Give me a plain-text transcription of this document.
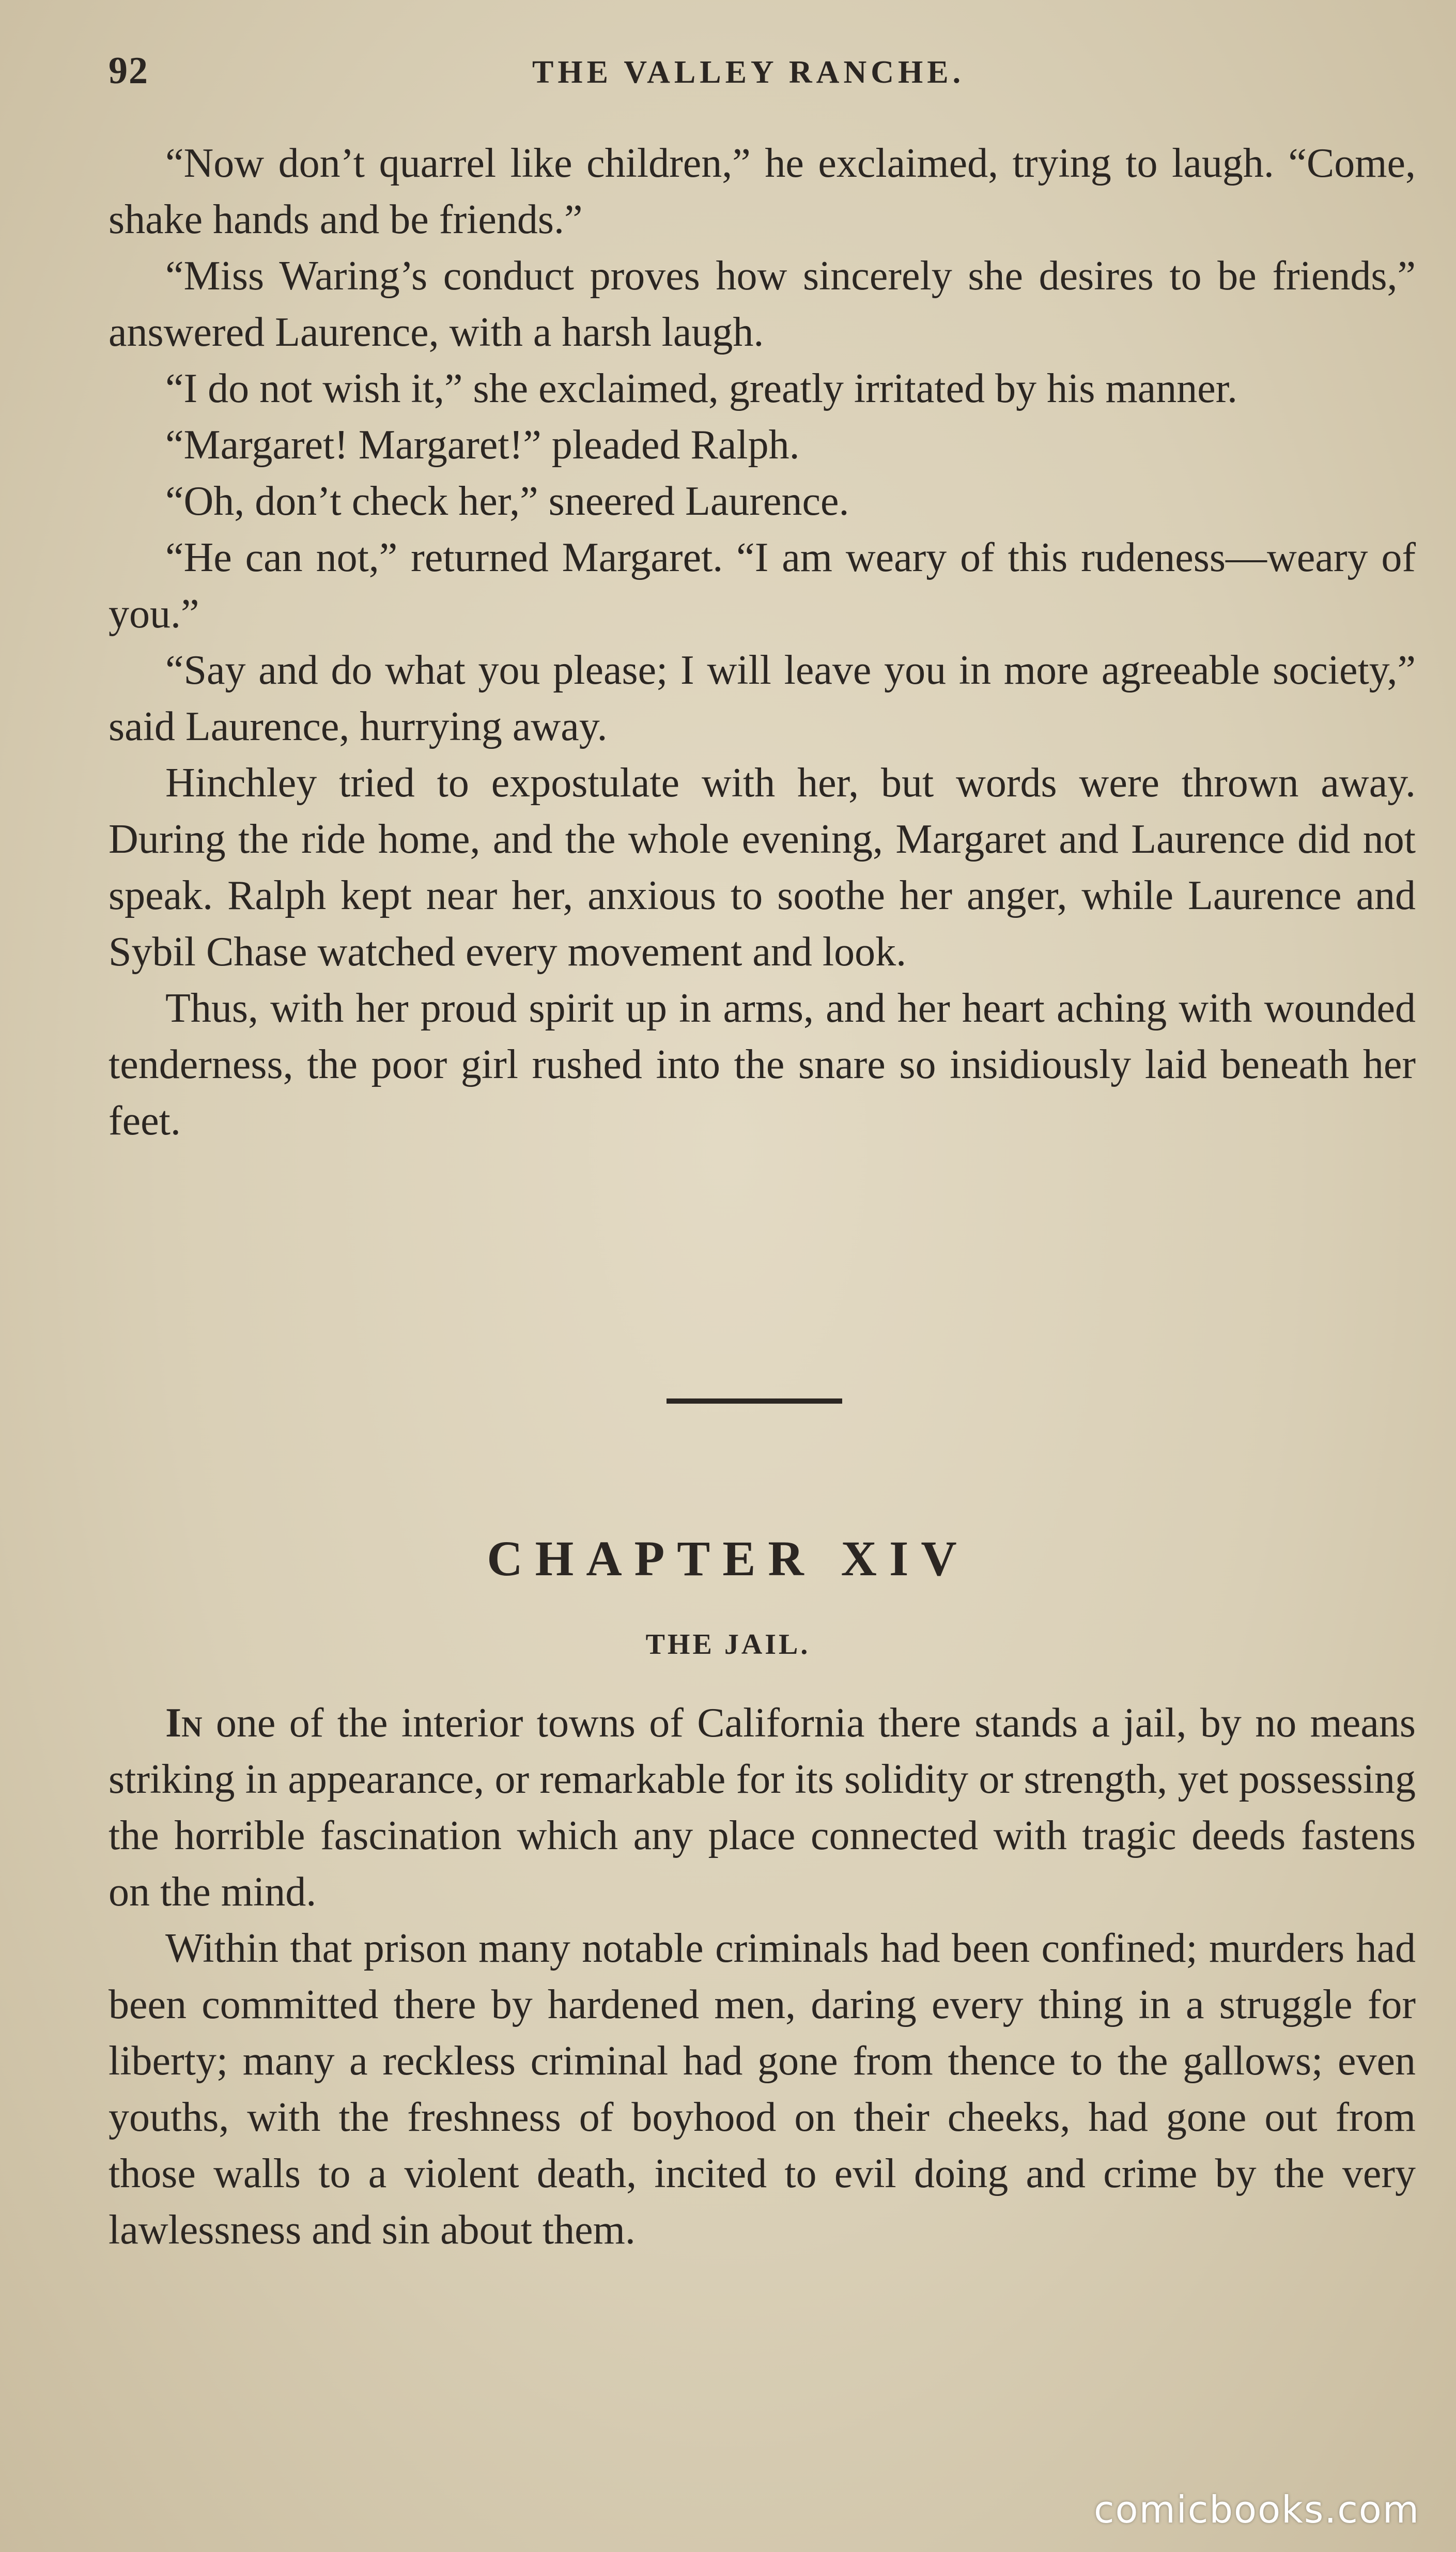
92	THE VALLEY RANCHE.

“Now don’t quarrel like children,” he exclaimed, trying to laugh. “Come, shake hands and be friends.”

“Miss Waring’s conduct proves how sincerely she desires to be friends,” answered Laurence, with a harsh laugh.

“I do not wish it,” she exclaimed, greatly irritated by his manner.

“Margaret! Margaret!” pleaded Ralph.

“Oh, don’t check her,” sneered Laurence.

“He can not,” returned Margaret. “I am weary of this rudeness—weary of you.”

“Say and do what you please; I will leave you in more agreeable society,” said Laurence, hurrying away.

Hinchley tried to expostulate with her, but words were thrown away. During the ride home, and the whole evening, Margaret and Laurence did not speak. Ralph kept near her, anxious to soothe her anger, while Laurence and Sybil Chase watched every movement and look.

Thus, with her proud spirit up in arms, and her heart aching with wounded tenderness, the poor girl rushed into the snare so insidiously laid beneath her feet.

CHAPTER XIV
THE JAIL.

In one of the interior towns of California there stands a jail, by no means striking in appearance, or remarkable for its solidity or strength, yet possessing the horrible fascination which any place connected with tragic deeds fastens on the mind.

Within that prison many notable criminals had been confined; murders had been committed there by hardened men, daring every thing in a struggle for liberty; many a reckless criminal had gone from thence to the gallows; even youths, with the freshness of boyhood on their cheeks, had gone out from those walls to a violent death, incited to evil doing and crime by the very lawlessness and sin about them.

comicbooks.com
